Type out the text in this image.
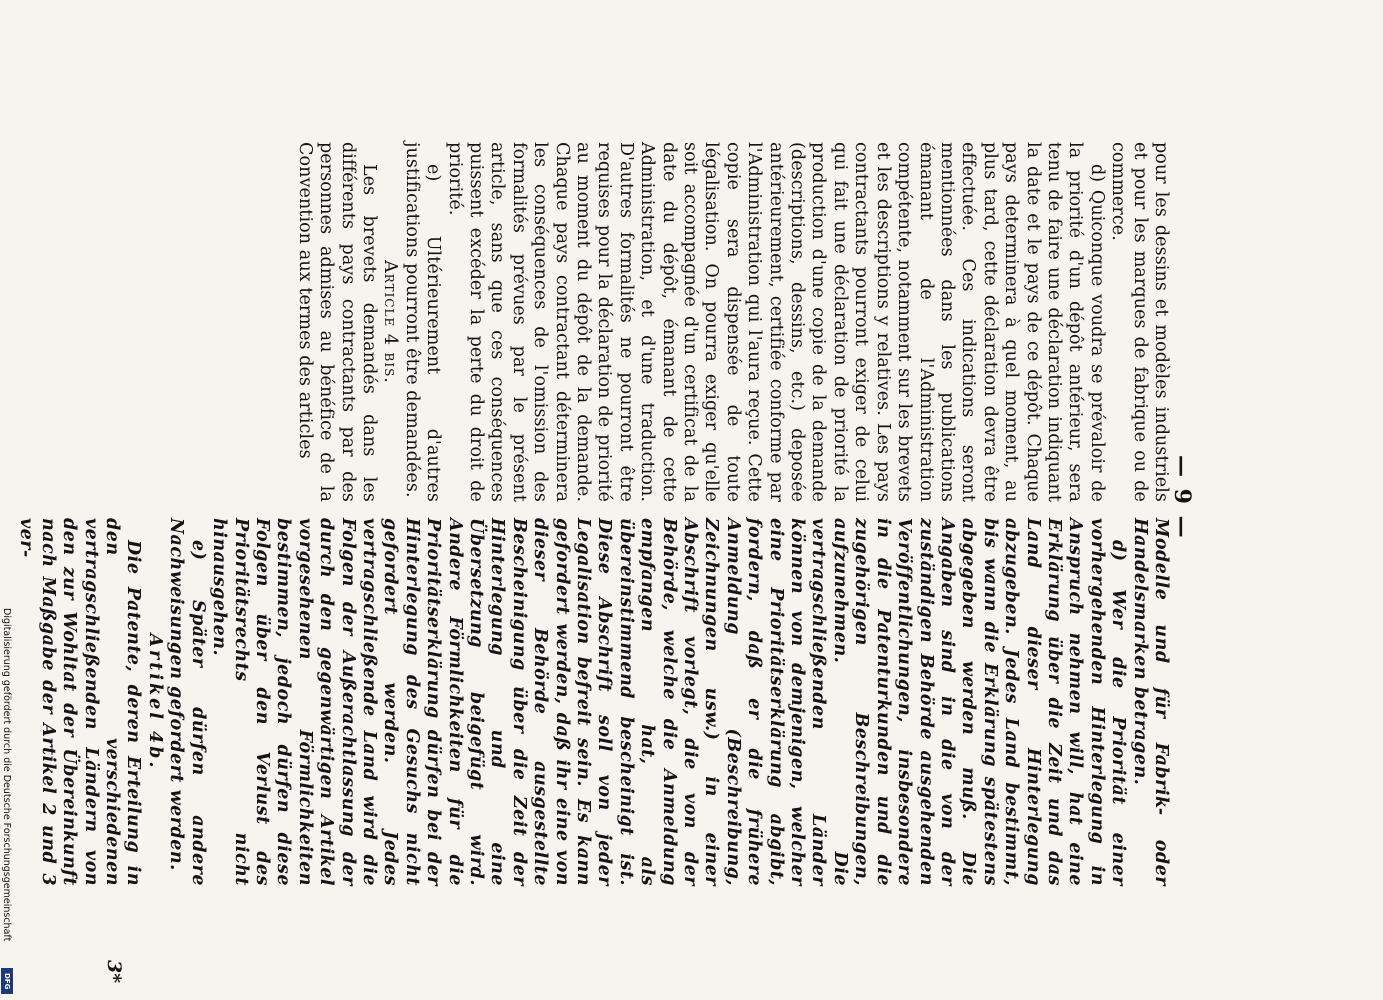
— 9 —

pour les dessins et modèles industriels et pour les marques de fabrique ou de commerce.

d) Quiconque voudra se prévaloir de la priorité d'un dépôt antérieur, sera tenu de faire une déclaration indiquant la date et le pays de ce dépôt. Chaque pays determinera à quel moment, au plus tard, cette déclaration devra être effectuée. Ces indications seront mentionnées dans les publications émanant de l'Administration compétente, notamment sur les brevets et les descriptions y relatives. Les pays contractants pourront exiger de celui qui fait une déclaration de priorité la production d'une copie de la demande (descriptions, dessins, etc.) deposée antérieurement, certifiée conforme par l'Administration qui l'aura reçue. Cette copie sera dispensée de toute légalisation. On pourra exiger qu'elle soit accompagnée d'un certificat de la date du dépôt, émanant de cette Administration, et d'une traduction. D'autres formalités ne pourront être requises pour la déclaration de priorité au moment du dépôt de la demande. Chaque pays contractant déterminera les conséquences de l'omission des formalités prévues par le présent article, sans que ces conséquences puissent excéder la perte du droit de priorité.

e) Ultérieurement d'autres justifications pourront être demandées.

Article 4 bis.

Les brevets demandés dans les différents pays contractants par des personnes admises au bénéfice de la Convention aux termes des articles

Modelle und für Fabrik- oder Handelsmarken betragen.

d) Wer die Priorität einer vorhergehenden Hinterlegung in Anspruch nehmen will, hat eine Erklärung über die Zeit und das Land dieser Hinterlegung abzugeben. Jedes Land bestimmt, bis wann die Erklärung spätestens abgegeben werden muß. Die Angaben sind in die von der zuständigen Behörde ausgehenden Veröffentlichungen, insbesondere in die Patenturkunden und die zugehörigen Beschreibungen, aufzunehmen. Die vertragschließenden Länder können von demjenigen, welcher eine Prioritätserklärung abgibt, fordern, daß er die frühere Anmeldung (Beschreibung, Zeichnungen usw.) in einer Abschrift vorlegt, die von der Behörde, welche die Anmeldung empfangen hat, als übereinstimmend bescheinigt ist. Diese Abschrift soll von jeder Legalisation befreit sein. Es kann gefordert werden, daß ihr eine von dieser Behörde ausgestellte Bescheinigung über die Zeit der Hinterlegung und eine Übersetzung beigefügt wird. Andere Förmlichkeiten für die Prioritätserklärung dürfen bei der Hinterlegung des Gesuchs nicht gefordert werden. Jedes vertragschließende Land wird die Folgen der Außerachtlassung der durch den gegenwärtigen Artikel vorgesehenen Förmlichkeiten bestimmen, jedoch dürfen diese Folgen über den Verlust des Prioritätsrechts nicht hinausgehen.

e) Später dürfen andere Nachweisungen gefordert werden.

Artikel 4b.

Die Patente, deren Erteilung in den verschiedenen vertragschließenden Ländern von den zur Wohltat der Übereinkunft nach Maßgabe der Artikel 2 und 3 ver-

3*
Digitalisierung gefördert durch die Deutsche Forschungsgemeinschaft
DFG
